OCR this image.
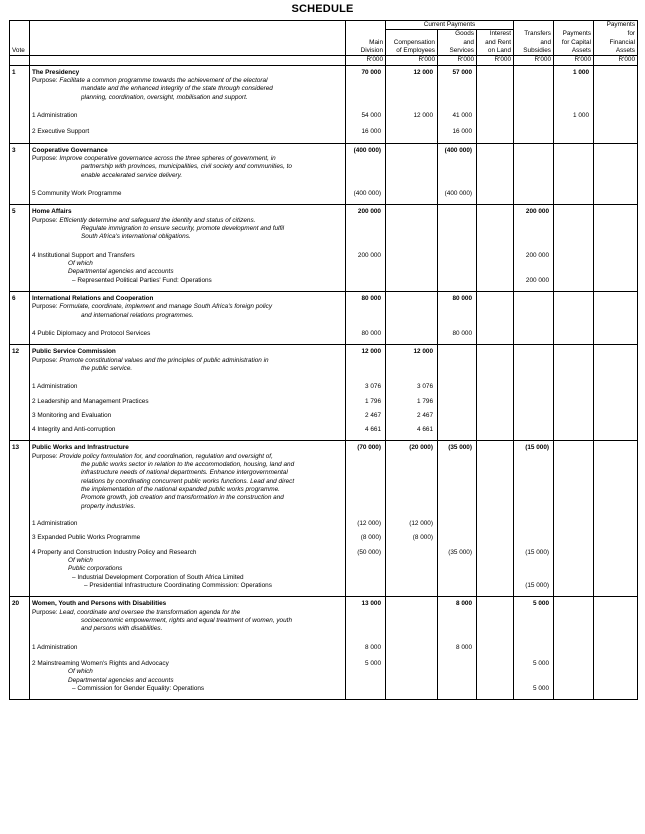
SCHEDULE
			Current Payments					Payments
				Goods	Interest	Transfers	Payments	for
		Main	Compensation	and	and Rent	and	for Capital	Financial
Vote		Division	of Employees	Services	on Land	Subsidies	Assets	Assets
		R'000	R'000	R'000	R'000	R'000	R'000	R'000
1	The Presidency	70 000	12 000	57 000			1 000	
	Purpose: Facilitate a common programme towards the achievement of the electoral							
	mandate and the enhanced integrity of the state through considered							
	planning, coordination, oversight, mobilisation and support.							

	1 Administration	54 000	12 000	41 000			1 000	

	2 Executive Support	16 000		16 000				

3	Cooperative Governance	(400 000)		(400 000)				
	Purpose: Improve cooperative governance across the three spheres of government, in							
	partnership with provinces, municipalities, civil society and communities, to							
	enable accelerated service delivery.							

	5 Community Work Programme	(400 000)		(400 000)				

5	Home Affairs	200 000				200 000		
	Purpose: Efficiently determine and safeguard the identity and status of citizens.							
	Regulate immigration to ensure security, promote development and fulfil							
	South Africa's international obligations.							

	4 Institutional Support and Transfers	200 000				200 000		
	Of which							
	Departmental agencies and accounts							
	– Represented Political Parties' Fund: Operations					200 000		

6	International Relations and Cooperation	80 000		80 000				
	Purpose: Formulate, coordinate, implement and manage South Africa's foreign policy							
	and international relations programmes.							

	4 Public Diplomacy and Protocol Services	80 000		80 000				

12	Public Service Commission	12 000	12 000					
	Purpose: Promote constitutional values and the principles of public administration in							
	the public service.							

	1 Administration	3 076	3 076					

	2 Leadership and Management Practices	1 796	1 796					

	3 Monitoring and Evaluation	2 467	2 467					

	4 Integrity and Anti-corruption	4 661	4 661					

13	Public Works and Infrastructure	(70 000)	(20 000)	(35 000)		(15 000)		
	Purpose: Provide policy formulation for, and coordination, regulation and oversight of,							
	the public works sector in relation to the accommodation, housing, land and							
	infrastructure needs of national departments. Enhance intergovernmental							
	relations by coordinating concurrent public works functions. Lead and direct							
	the implementation of the national expanded public works programme.							
	Promote growth, job creation and transformation in the construction and							
	property industries.							

	1 Administration	(12 000)	(12 000)					

	3 Expanded Public Works Programme	(8 000)	(8 000)					

	4 Property and Construction Industry Policy and Research	(50 000)		(35 000)		(15 000)		
	Of which							
	Public corporations							
	– Industrial Development Corporation of South Africa Limited							
	– Presidential Infrastructure Coordinating Commission: Operations					(15 000)		

20	Women, Youth and Persons with Disabilities	13 000		8 000		5 000		
	Purpose: Lead, coordinate and oversee the transformation agenda for the							
	socioeconomic empowerment, rights and equal treatment of women, youth							
	and persons with disabilities.							

	1 Administration	8 000		8 000				

	2 Mainstreaming Women's Rights and Advocacy	5 000				5 000		
	Of which							
	Departmental agencies and accounts							
	– Commission for Gender Equality: Operations					5 000		
